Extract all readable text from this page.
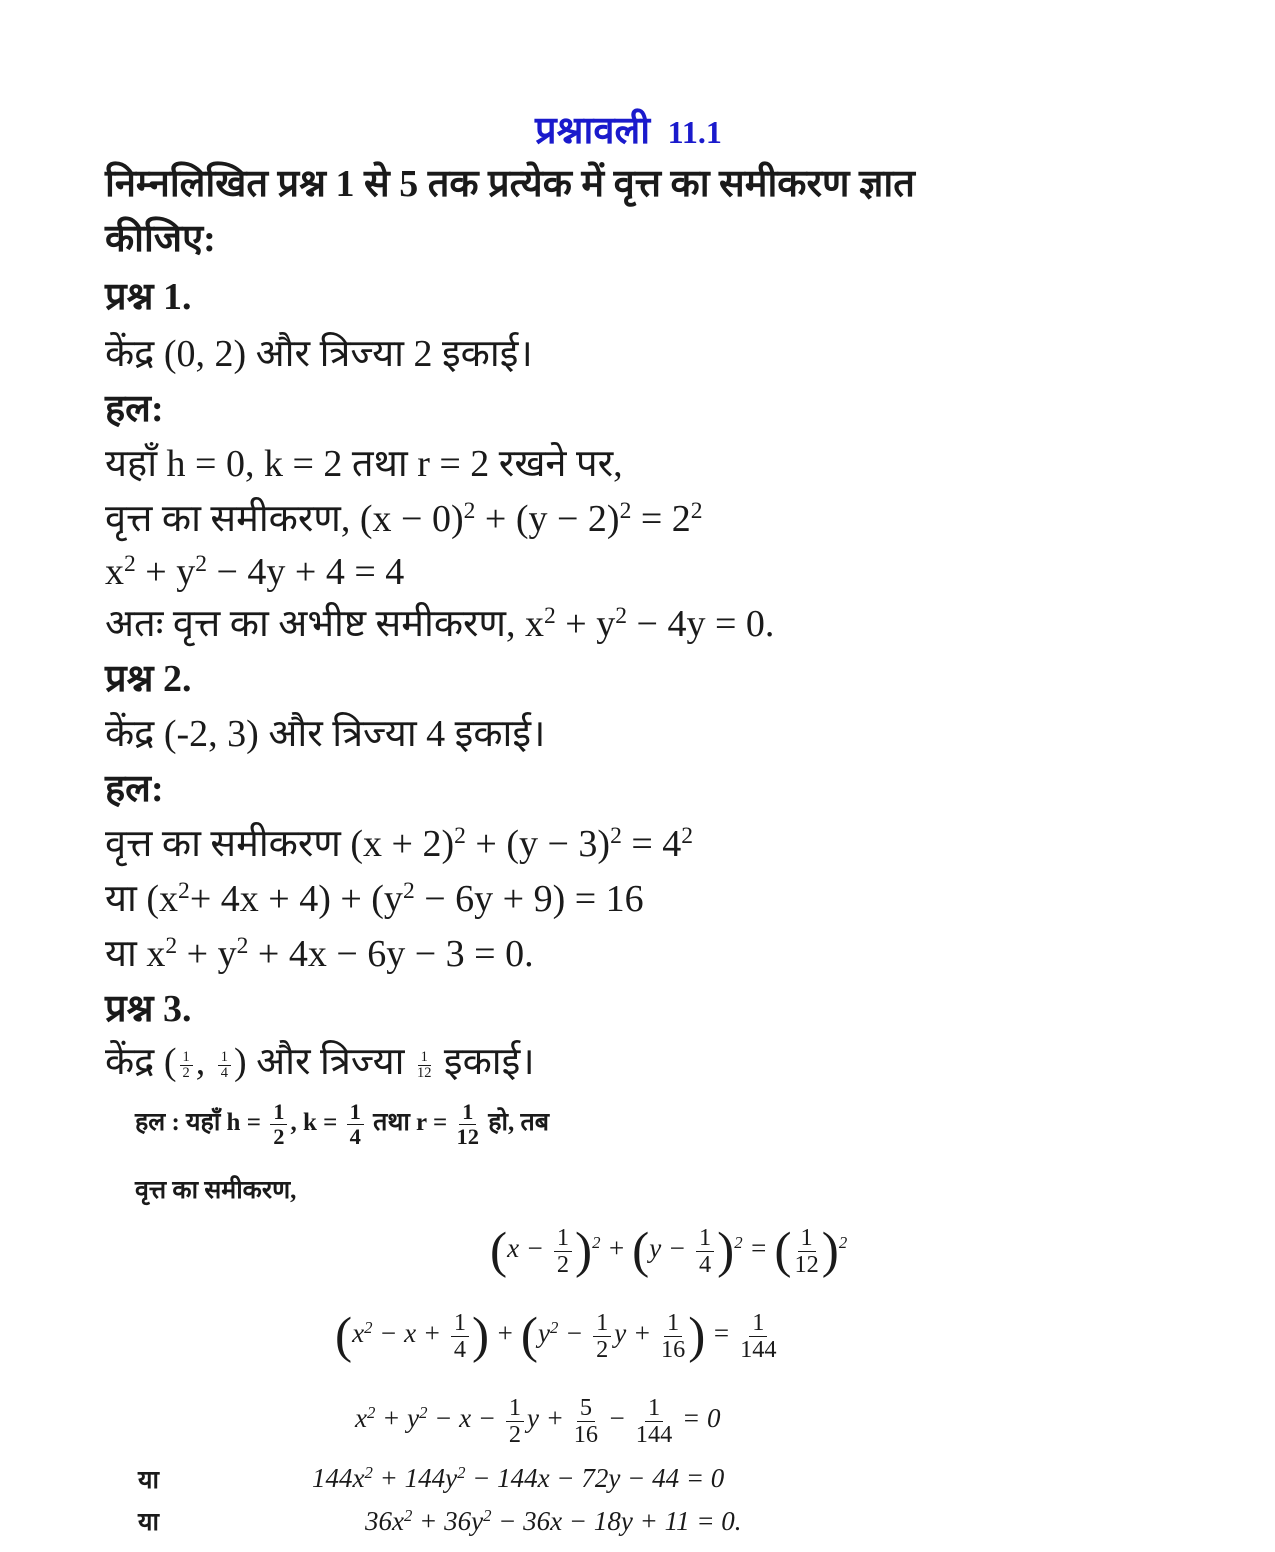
प्रश्नावली 11.1
निम्नलिखित प्रश्न 1 से 5 तक प्रत्येक में वृत्त का समीकरण ज्ञात
कीजिए:
प्रश्न 1.
केंद्र (0, 2) और त्रिज्या 2 इकाई।
हल:
यहाँ h = 0, k = 2 तथा r = 2 रखने पर,
वृत्त का समीकरण, $(x - 0)^2 + (y - 2)^2 = 2^2$
$x^2 + y^2 - 4y + 4 = 4$
अतः वृत्त का अभीष्ट समीकरण, $x^2 + y^2 - 4y = 0$.
प्रश्न 2.
केंद्र (-2, 3) और त्रिज्या 4 इकाई।
हल:
वृत्त का समीकरण $(x + 2)^2 + (y - 3)^2 = 4^2$
या $(x^2+ 4x + 4) + (y^2 - 6y + 9) = 16$
या $x^2 + y^2 + 4x - 6y - 3 = 0$.
प्रश्न 3.
केंद्र ( $\frac{1}{2}$ , $\frac{1}{4}$ ) और त्रिज्या $\frac{1}{12}$ इकाई।
हल : यहाँ $h = \frac{1}{2}$ , $k = \frac{1}{4}$ तथा $r = \frac{1}{12}$ हो, तब
वृत्त का समीकरण,
$(x - \frac{1}{2} )^2 + (y - \frac{1}{4} )^2$ = ( $\frac{1}{12} )^2$
($x^2 - x + \frac{1}{4}$ ) + ($y^2 - \frac{1}{2}$ $y + \frac{1}{16}$ ) = $\frac{1}{144}$
$x^2 + y^2 - x - \frac{1}{2}$ $y + \frac{5}{16} - \frac{1}{144} = 0$
या	$144x^2 + 144y^2 - 144x - 72y - 44 = 0$
या	$36x^2 + 36y^2 - 36x - 18y + 11 = 0$.
